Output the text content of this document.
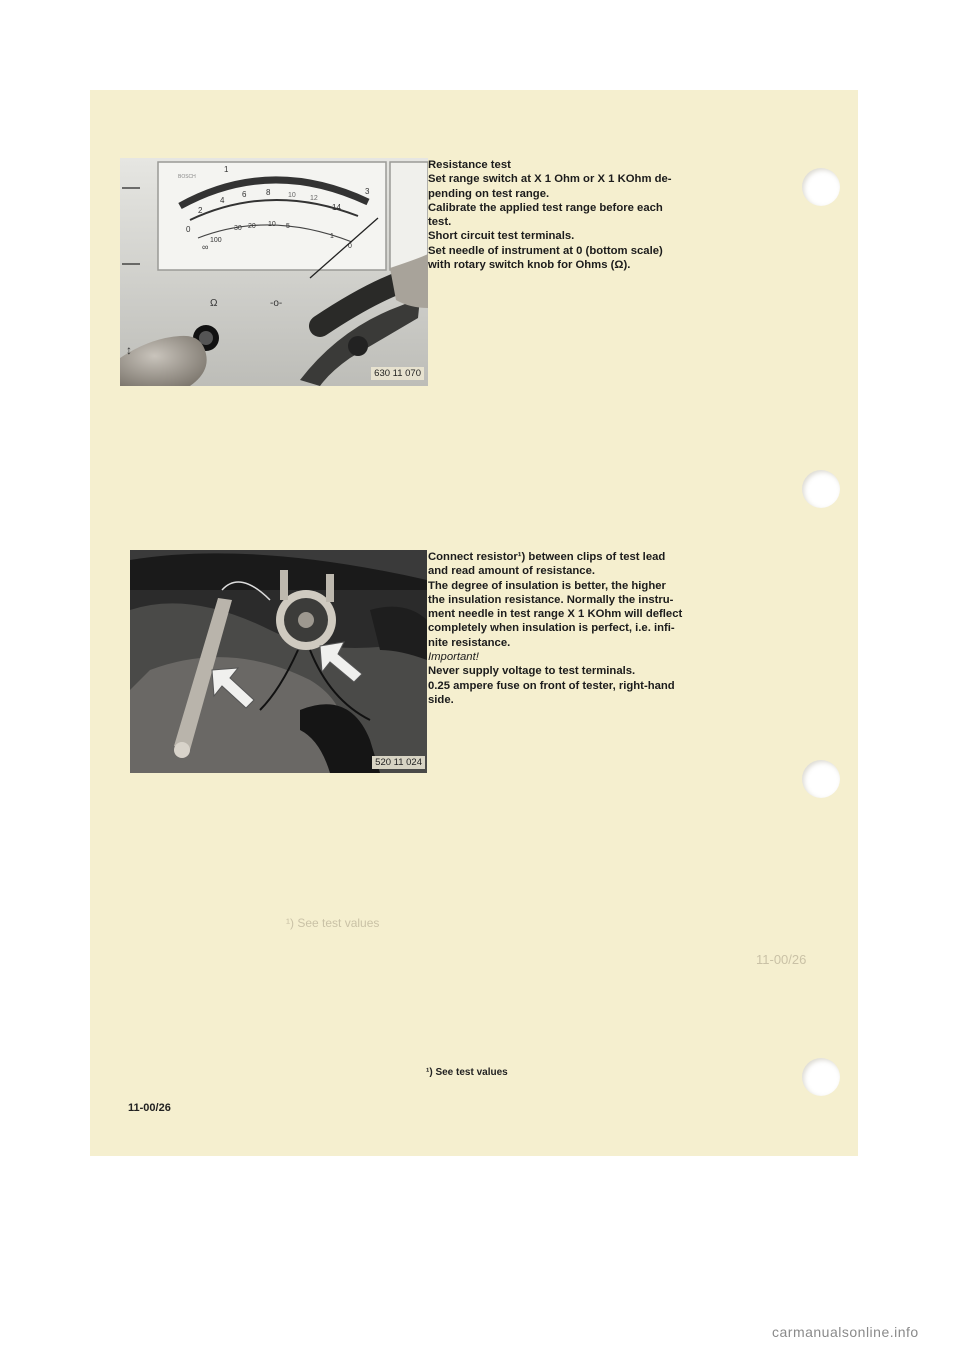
1
2
4
6 8	10 12
14
3
0
100
30 20 10 5
1
0
∞
BOSCH
Ω	-o-
↕
630 11 070
Resistance test
Set range switch at X 1 Ohm or X 1 KOhm de-
pending on test range.
Calibrate the applied test range before each
test.
Short circuit test terminals.
Set needle of instrument at 0 (bottom scale)
with rotary switch knob for Ohms (Ω).
¹) See test values
11-00/26
520 11 024
Connect resistor¹) between clips of test lead
and read amount of resistance.
The degree of insulation is better, the higher
the insulation resistance. Normally the instru-
ment needle in test range X 1 KOhm will deflect
completely when insulation is perfect, i.e. infi-
nite resistance.
Important!
Never supply voltage to test terminals.
0.25 ampere fuse on front of tester, right-hand
side.
¹) See test values
11-00/26
carmanualsonline.info
